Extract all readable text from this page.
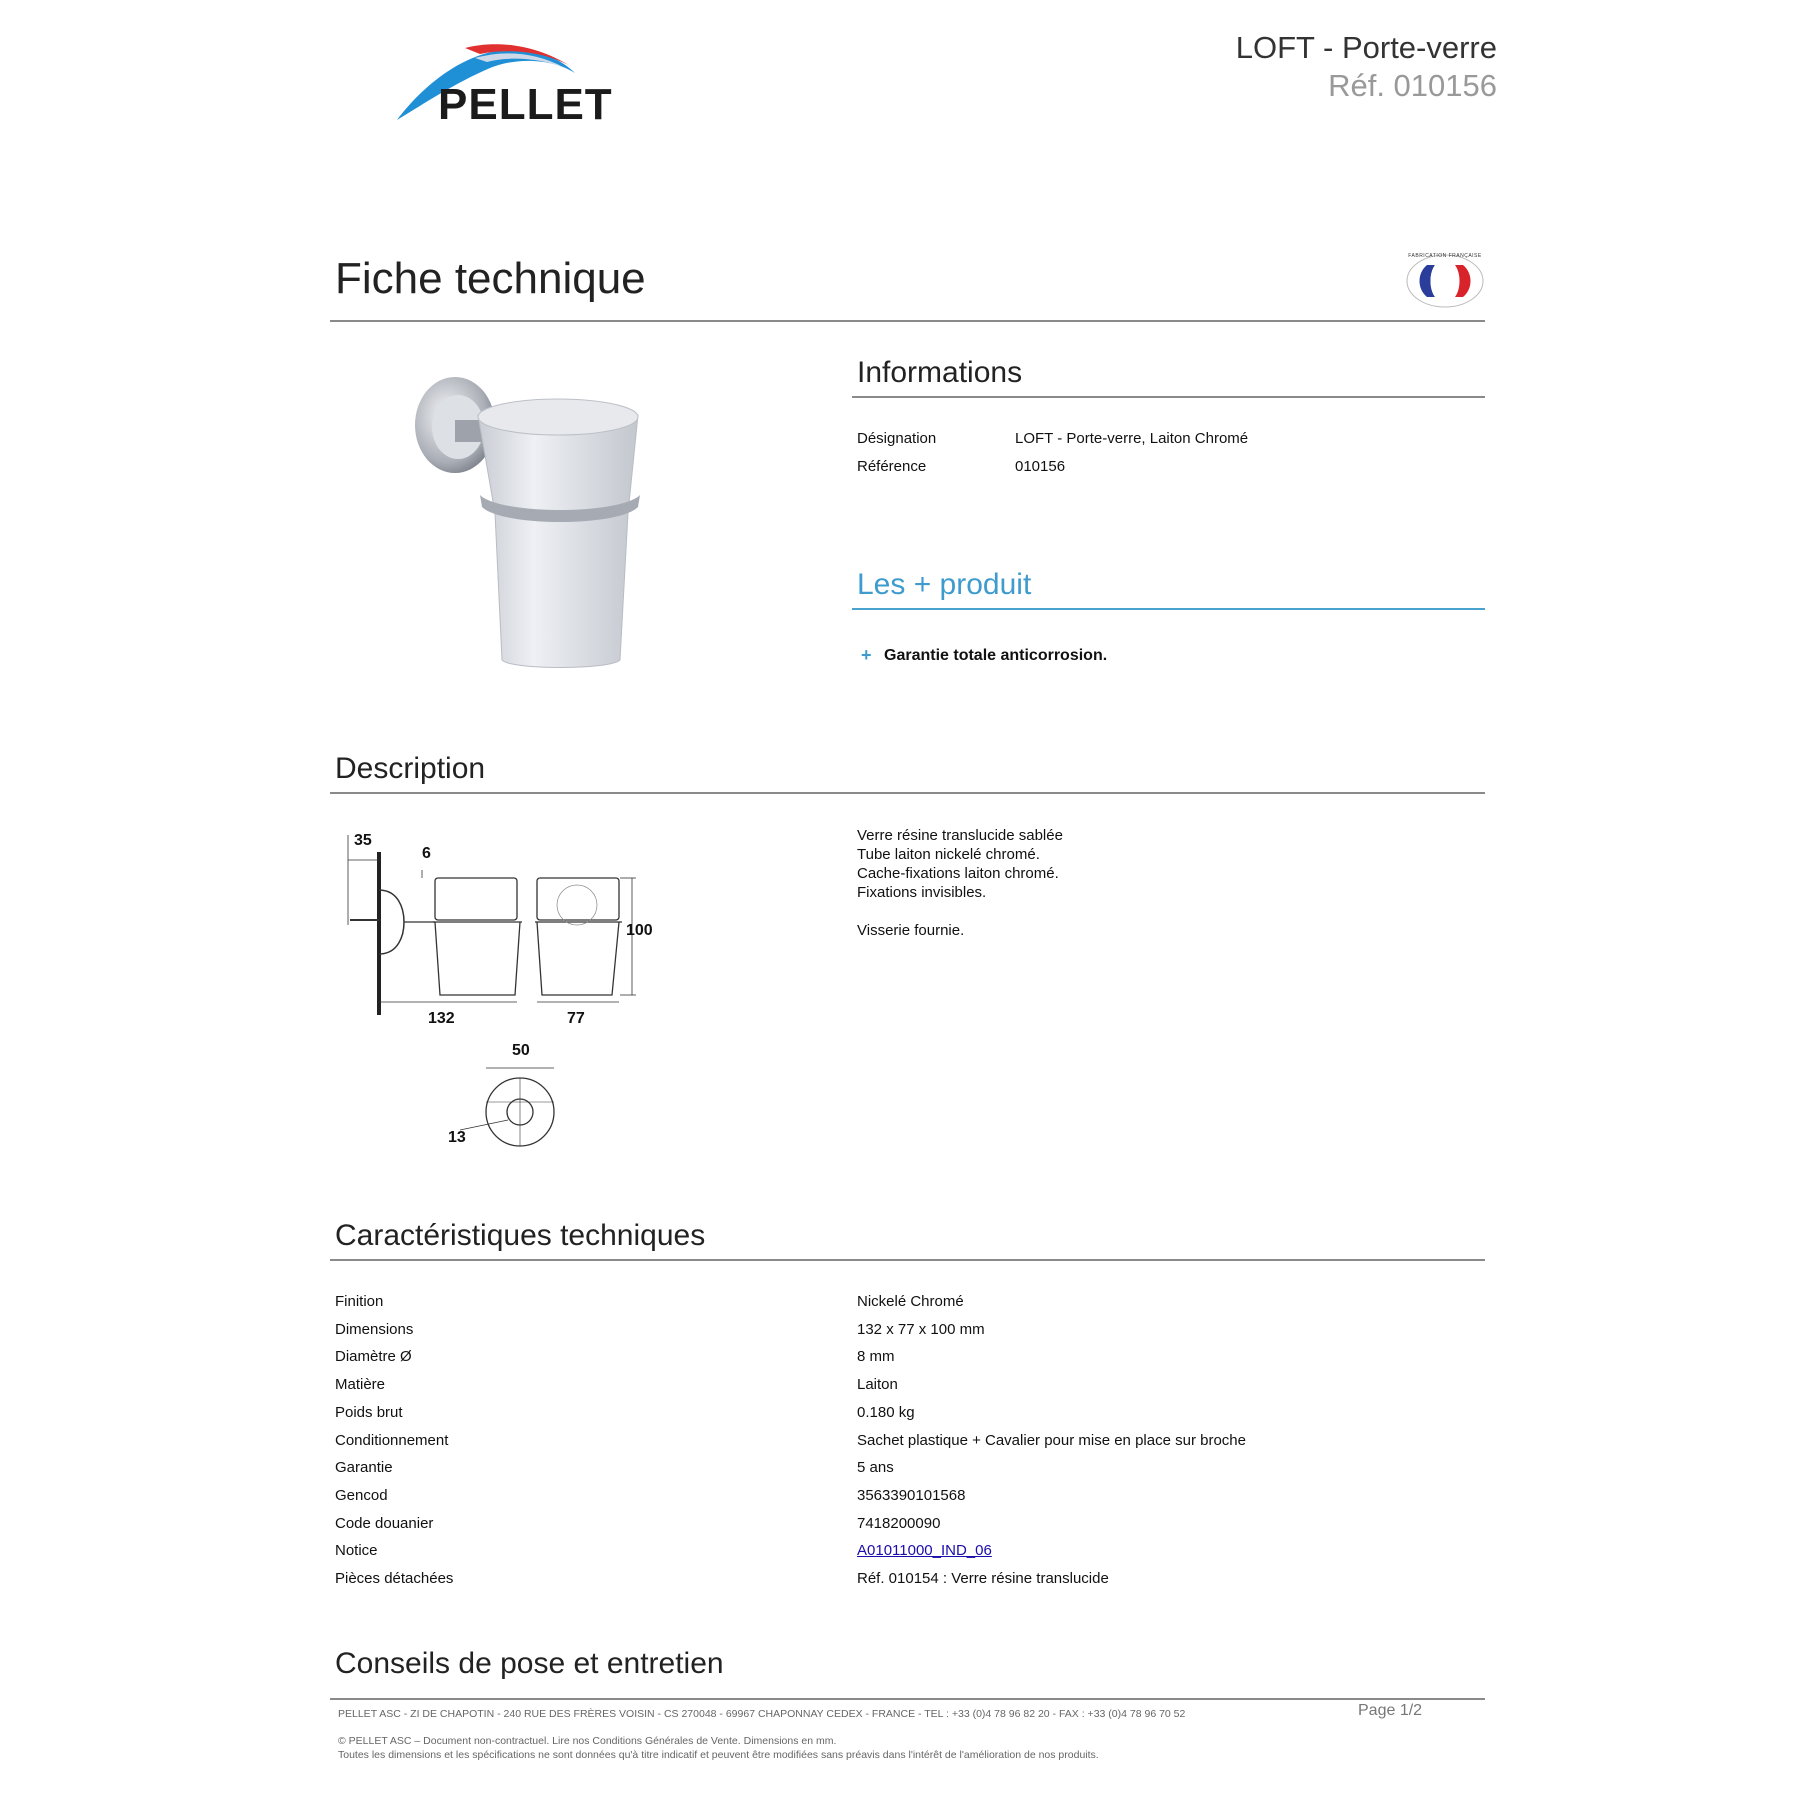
PELLET
LOFT - Porte-verre
Réf. 010156
Fiche technique	FABRICATION FRANÇAISE
Informations
Désignation	LOFT - Porte-verre, Laiton Chromé
Référence	010156
Les + produit
+ Garantie totale anticorrosion.
Description
35
6
100
132	77
50
13
Verre résine translucide sablée
Tube laiton nickelé chromé.
Cache-fixations laiton chromé.
Fixations invisibles.
Visserie fournie.
Caractéristiques techniques
Finition	Nickelé Chromé
Dimensions	132 x 77 x 100 mm
Diamètre Ø	8 mm
Matière	Laiton
Poids brut	0.180 kg
Conditionnement	Sachet plastique + Cavalier pour mise en place sur broche
Garantie	5 ans
Gencod	3563390101568
Code douanier	7418200090
Notice	A01011000_IND_06
Pièces détachées	Réf. 010154 : Verre résine translucide
Conseils de pose et entretien
PELLET ASC - ZI DE CHAPOTIN - 240 RUE DES FRÈRES VOISIN - CS 270048 - 69967 CHAPONNAY CEDEX - FRANCE - TEL : +33 (0)4 78 96 82 20 - FAX : +33 (0)4 78 96 70 52	Page 1/2
© PELLET ASC – Document non-contractuel. Lire nos Conditions Générales de Vente. Dimensions en mm.
Toutes les dimensions et les spécifications ne sont données qu'à titre indicatif et peuvent être modifiées sans préavis dans l'intérêt de l'amélioration de nos produits.
